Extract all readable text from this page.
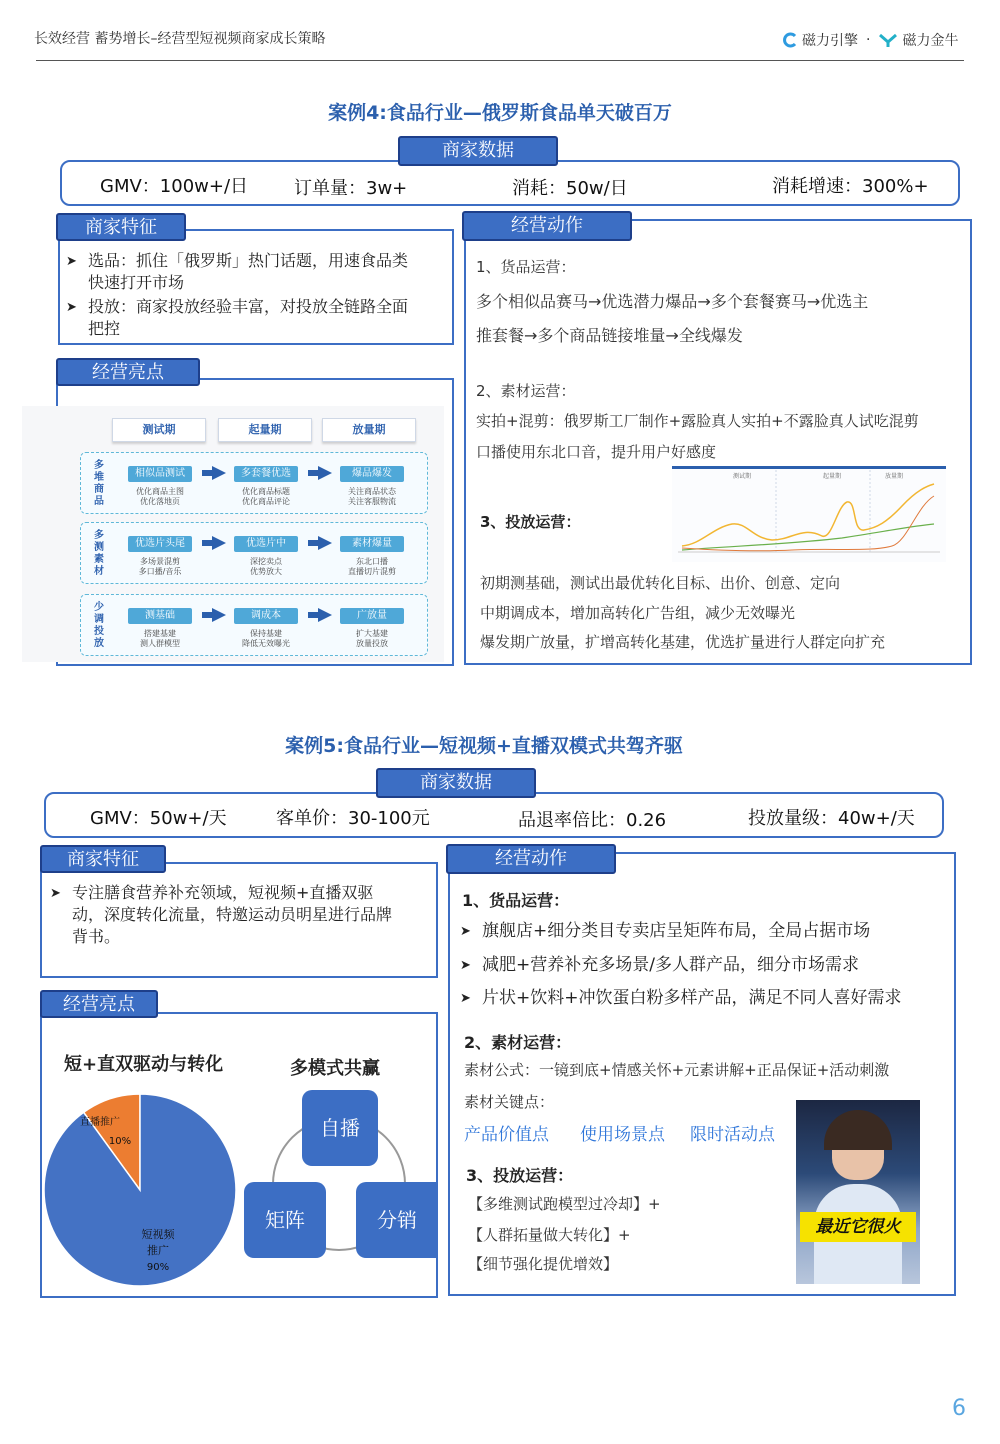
长效经营 蓄势增长–经营型短视频商家成长策略	磁力引擎 · 磁力金牛
案例4:食品行业—俄罗斯食品单天破百万
商家数据
GMV：100w+/日	订单量：3w+	消耗：50w/日	消耗增速：300%+
商家特征
➤ 选品：抓住「俄罗斯」热门话题，用速食品类快速打开市场
➤ 投放：商家投放经验丰富，对投放全链路全面把控
经营亮点
测试期	起量期	放量期
多堆商品
相似品测试
优化商品主图
优化落地页
多套餐优选
优化商品标题
优化商品评论
爆品爆发
关注商品状态
关注客服物流
多测素材
优选片头尾
多场景混剪
多口播/音乐
优选片中
深挖卖点
优势放大
素材爆量
东北口播
直播切片混剪
少调投放
测基础
搭建基建
测人群模型
调成本
保持基建
降低无效曝光
广放量
扩大基建
放量投放
经营动作
1、货品运营：
多个相似品赛马→优选潜力爆品→多个套餐赛马→优选主
推套餐→多个商品链接堆量→全线爆发
2、素材运营：
实拍+混剪：俄罗斯工厂制作+露脸真人实拍+不露脸真人试吃混剪
口播使用东北口音，提升用户好感度
3、投放运营：
测试期	起量期	放量期
初期测基础，测试出最优转化目标、出价、创意、定向
中期调成本，增加高转化广告组，减少无效曝光
爆发期广放量，扩增高转化基建，优选扩量进行人群定向扩充
案例5:食品行业—短视频+直播双模式共驾齐驱
商家数据
GMV：50w+/天	客单价：30-100元	品退率倍比：0.26	投放量级：40w+/天
商家特征
➤ 专注膳食营养补充领域，短视频+直播双驱动，深度转化流量，特邀运动员明星进行品牌背书。
经营亮点
短+直双驱动与转化	多模式共赢
直播推广
10%
短视频
推广
90%
自播
矩阵	分销
经营动作
1、货品运营：
➤ 旗舰店+细分类目专卖店呈矩阵布局，全局占据市场
➤ 减肥+营养补充多场景/多人群产品，细分市场需求
➤ 片状+饮料+冲饮蛋白粉多样产品，满足不同人喜好需求
2、素材运营：
素材公式：一镜到底+情感关怀+元素讲解+正品保证+活动刺激
素材关键点：
产品价值点 使用场景点 限时活动点
3、投放运营：
【多维测试跑模型过冷却】+
【人群拓量做大转化】+
【细节强化提优增效】
最近它很火
6
